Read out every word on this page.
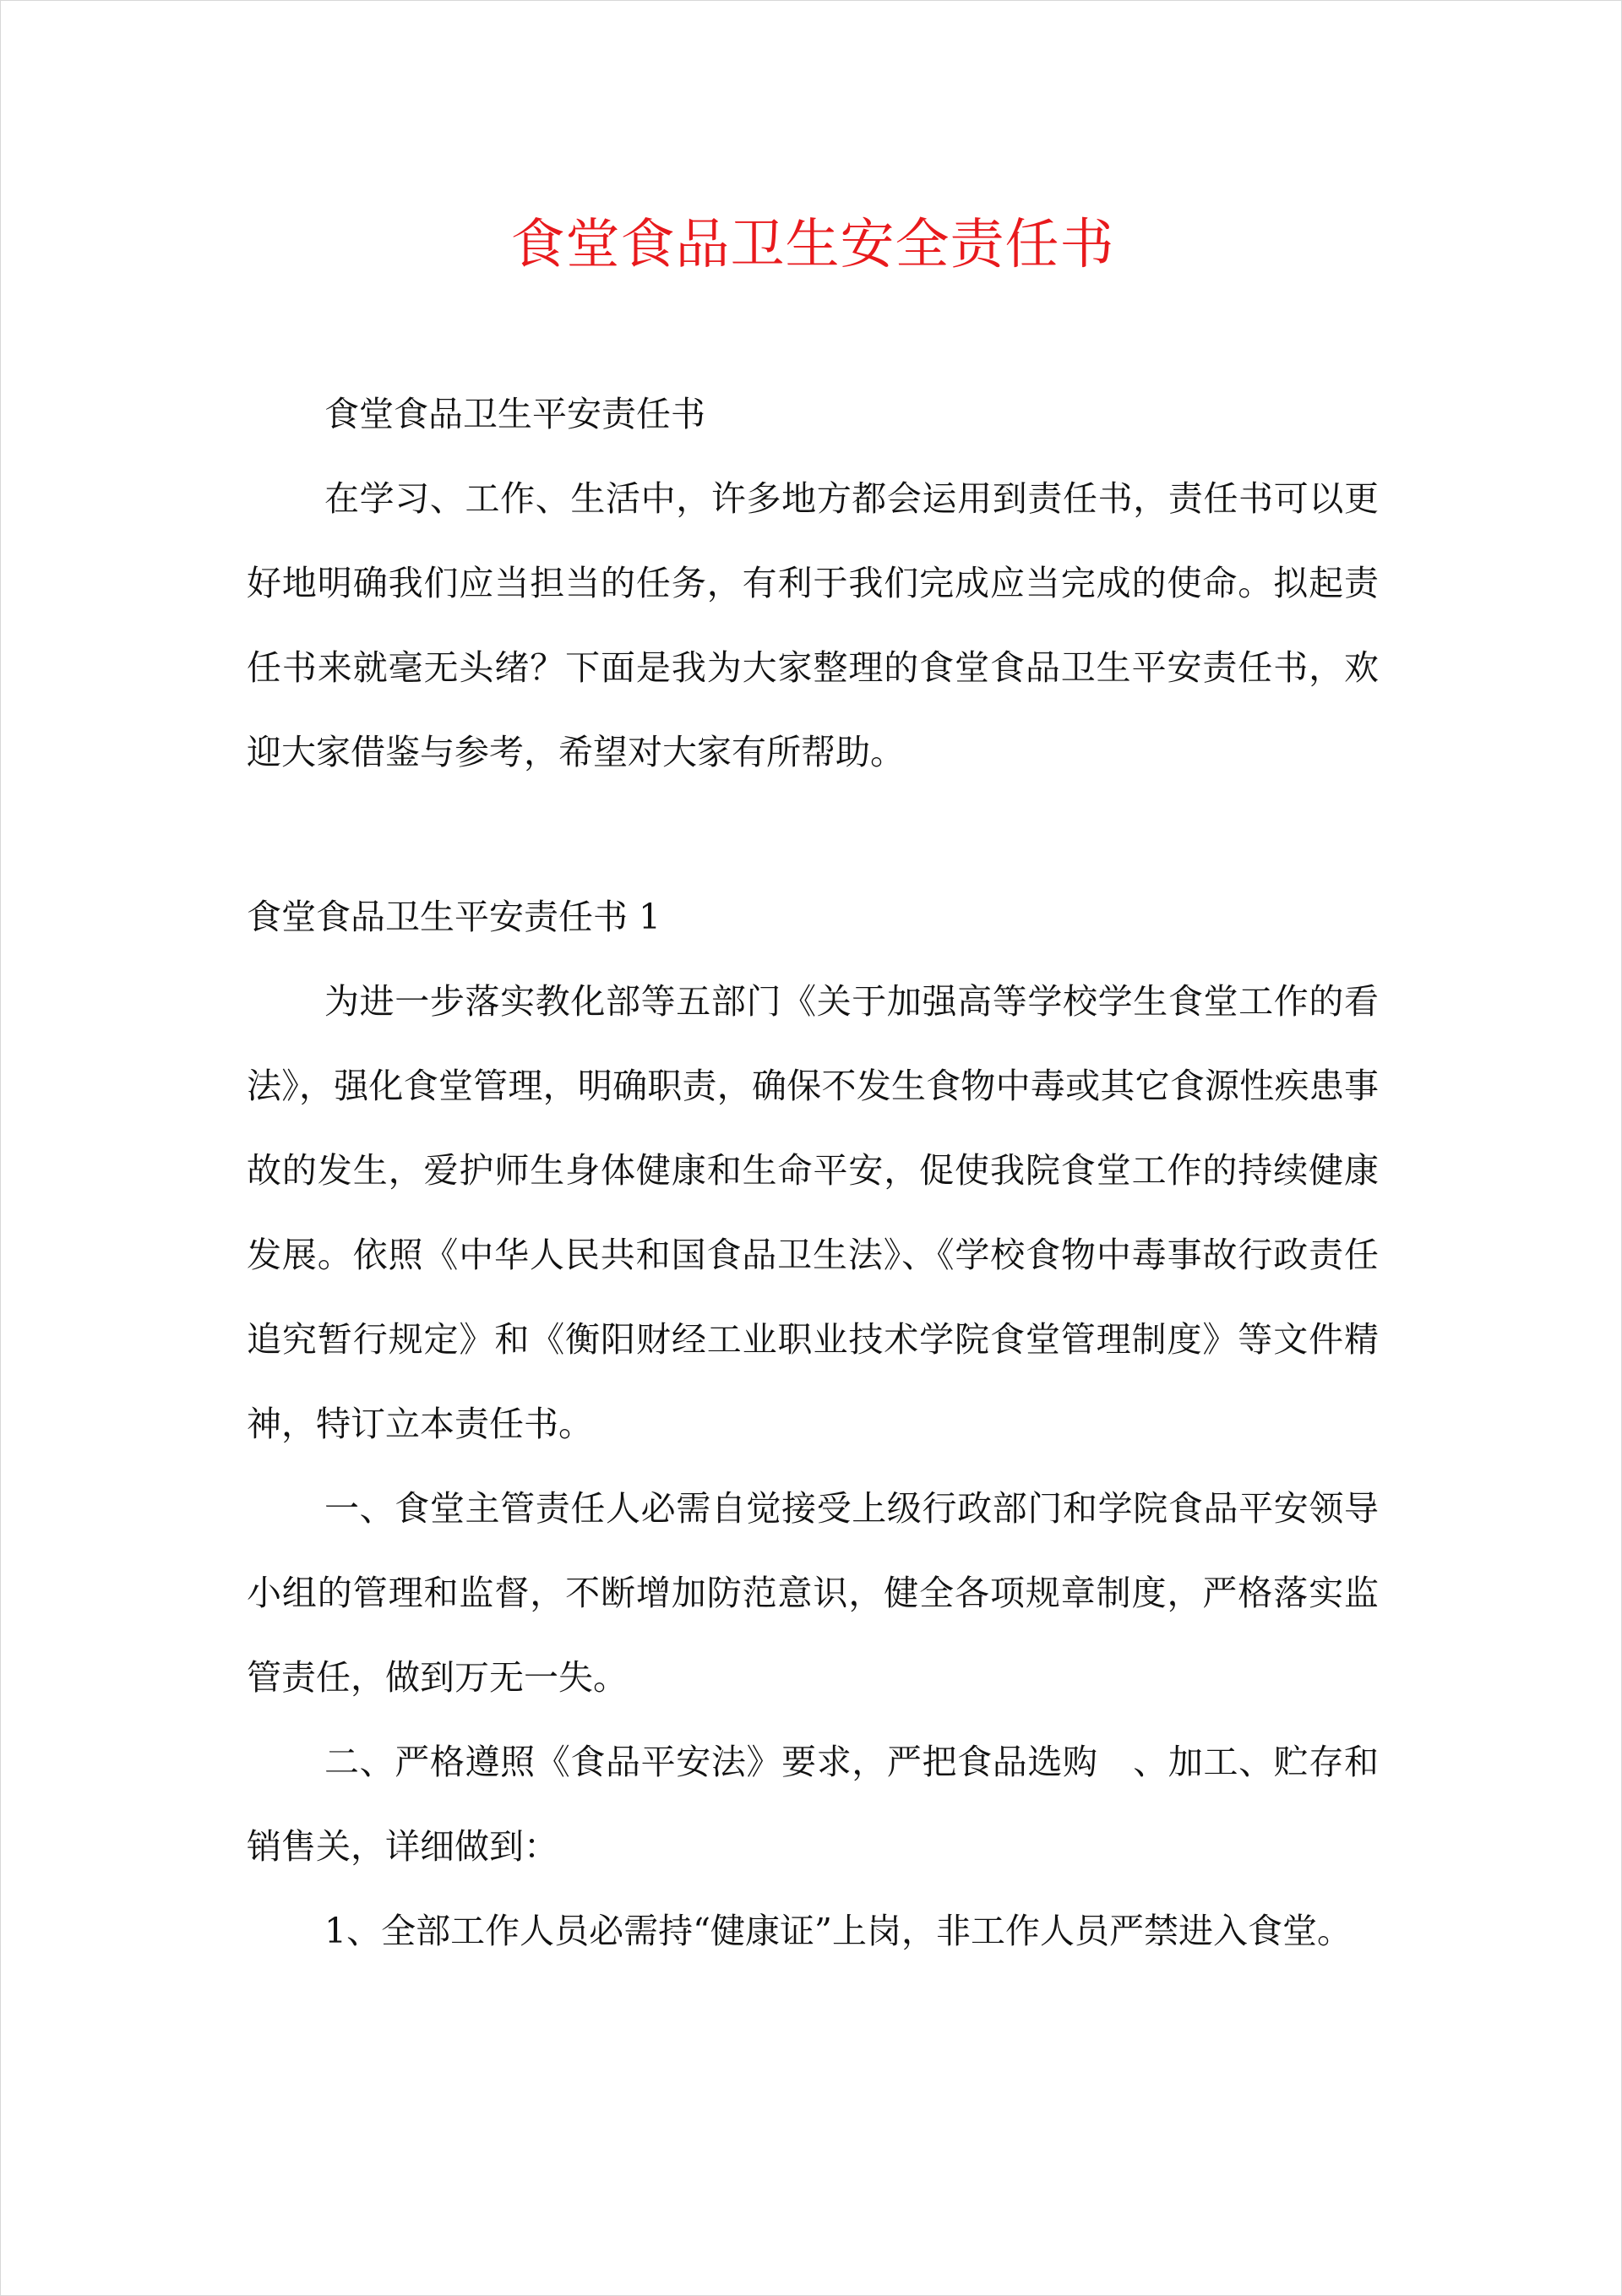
食堂食品卫生安全责任书

食堂食品卫生平安责任书

在学习、工作、生活中，许多地方都会运用到责任书，责任书可以更好地明确我们应当担当的任务，有利于我们完成应当完成的使命。拟起责任书来就毫无头绪？下面是我为大家整理的食堂食品卫生平安责任书，欢迎大家借鉴与参考，希望对大家有所帮助。

食堂食品卫生平安责任书 1

为进一步落实教化部等五部门《关于加强高等学校学生食堂工作的看法》，强化食堂管理，明确职责，确保不发生食物中毒或其它食源性疾患事故的发生，爱护师生身体健康和生命平安，促使我院食堂工作的持续健康发展。依照《中华人民共和国食品卫生法》、《学校食物中毒事故行政责任追究暂行规定》和《衡阳财经工业职业技术学院食堂管理制度》等文件精神，特订立本责任书。

一、食堂主管责任人必需自觉接受上级行政部门和学院食品平安领导小组的管理和监督，不断增加防范意识，健全各项规章制度，严格落实监管责任，做到万无一失。

二、严格遵照《食品平安法》要求，严把食品选购　、加工、贮存和销售关，详细做到：

1、全部工作人员必需持“健康证”上岗，非工作人员严禁进入食堂。
